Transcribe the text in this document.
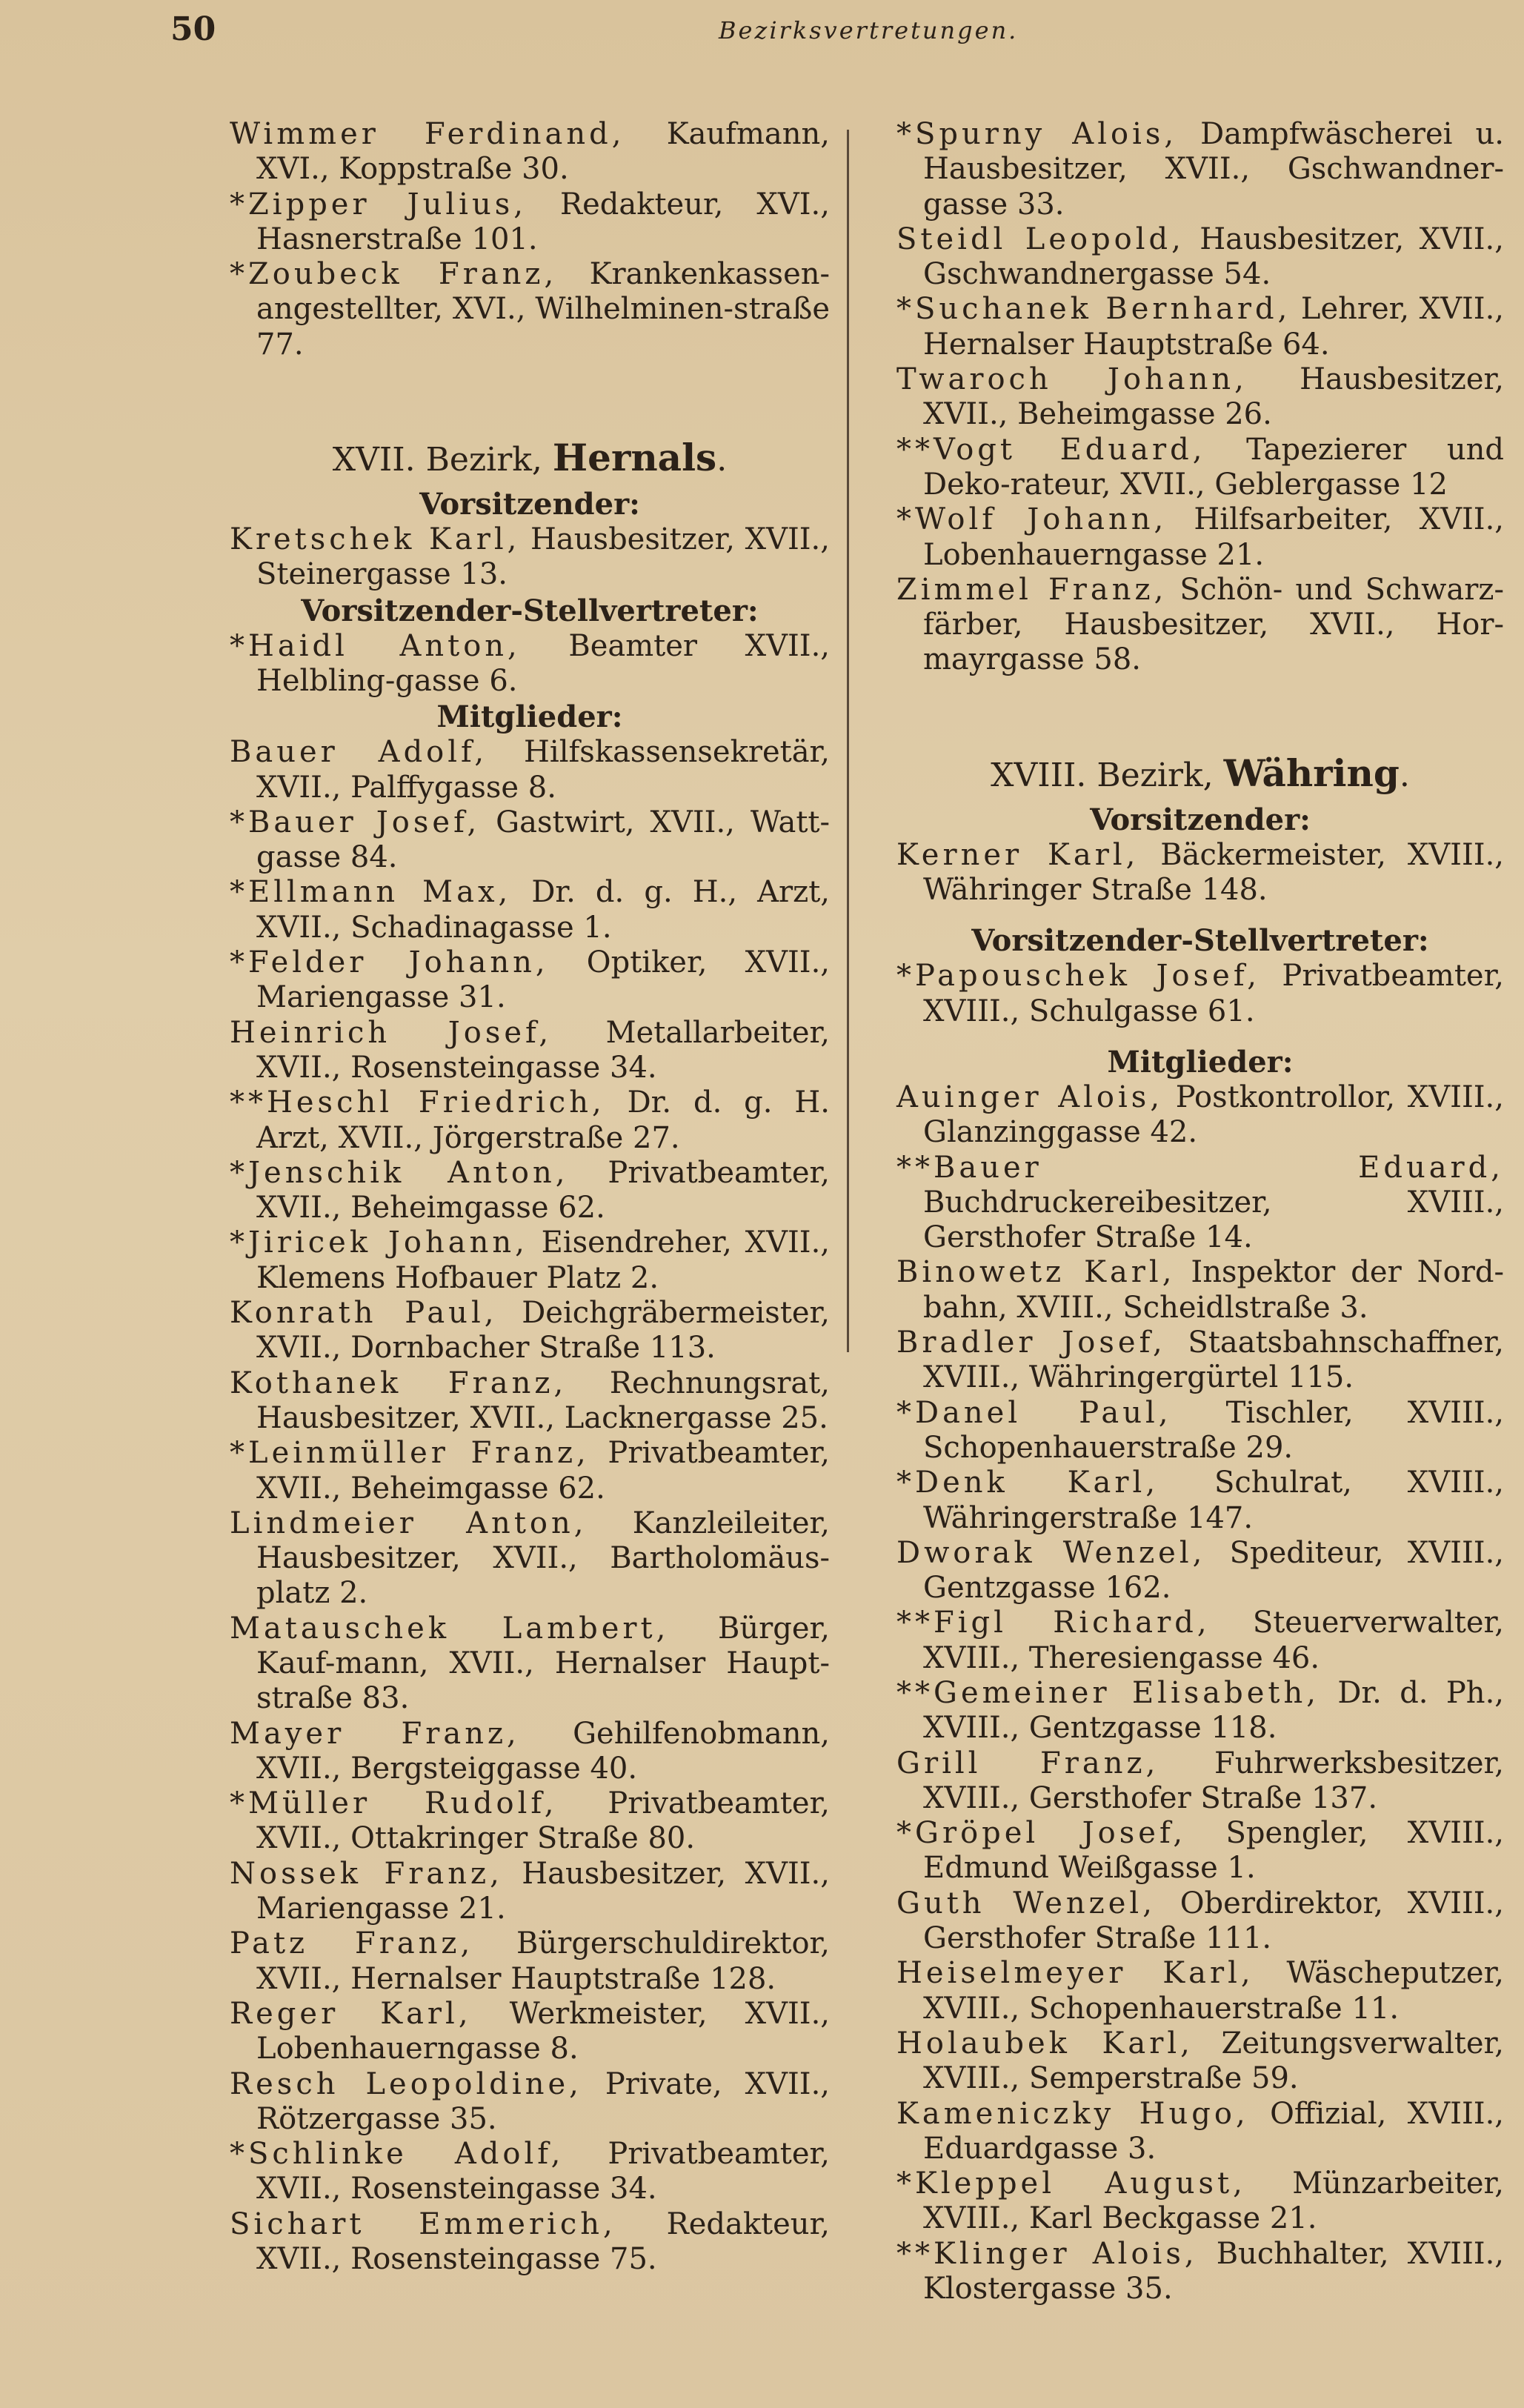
50	Bezirksvertretungen.

Wimmer Ferdinand, Kaufmann, XVI., Koppstraße 30.

*Zipper Julius, Redakteur, XVI., Hasnerstraße 101.

*Zoubeck Franz, Krankenkassen-angestellter, XVI., Wilhelminen-straße 77.

XVII. Bezirk, Hernals.

Vorsitzender:

Kretschek Karl, Hausbesitzer, XVII., Steinergasse 13.

Vorsitzender-Stellvertreter:

*Haidl Anton, Beamter XVII., Helbling-gasse 6.

Mitglieder:

Bauer Adolf, Hilfskassensekretär, XVII., Palffygasse 8.

*Bauer Josef, Gastwirt, XVII., Watt-gasse 84.

*Ellmann Max, Dr. d. g. H., Arzt, XVII., Schadinagasse 1.

*Felder Johann, Optiker, XVII., Mariengasse 31.

Heinrich Josef, Metallarbeiter, XVII., Rosensteingasse 34.

**Heschl Friedrich, Dr. d. g. H. Arzt, XVII., Jörgerstraße 27.

*Jenschik Anton, Privatbeamter, XVII., Beheimgasse 62.

*Jiricek Johann, Eisendreher, XVII., Klemens Hofbauer Platz 2.

Konrath Paul, Deichgräbermeister, XVII., Dornbacher Straße 113.

Kothanek Franz, Rechnungsrat, Hausbesitzer, XVII., Lacknergasse 25.

*Leinmüller Franz, Privatbeamter, XVII., Beheimgasse 62.

Lindmeier Anton, Kanzleileiter, Hausbesitzer, XVII., Bartholomäus-platz 2.

Matauschek Lambert, Bürger, Kauf-mann, XVII., Hernalser Haupt-straße 83.

Mayer Franz, Gehilfenobmann, XVII., Bergsteiggasse 40.

*Müller Rudolf, Privatbeamter, XVII., Ottakringer Straße 80.

Nossek Franz, Hausbesitzer, XVII., Mariengasse 21.

Patz Franz, Bürgerschuldirektor, XVII., Hernalser Hauptstraße 128.

Reger Karl, Werkmeister, XVII., Lobenhauerngasse 8.

Resch Leopoldine, Private, XVII., Rötzergasse 35.

*Schlinke Adolf, Privatbeamter, XVII., Rosensteingasse 34.

Sichart Emmerich, Redakteur, XVII., Rosensteingasse 75.

*Spurny Alois, Dampfwäscherei u. Hausbesitzer, XVII., Gschwandner-gasse 33.

Steidl Leopold, Hausbesitzer, XVII., Gschwandnergasse 54.

*Suchanek Bernhard, Lehrer, XVII., Hernalser Hauptstraße 64.

Twaroch Johann, Hausbesitzer, XVII., Beheimgasse 26.

**Vogt Eduard, Tapezierer und Deko-rateur, XVII., Geblergasse 12

*Wolf Johann, Hilfsarbeiter, XVII., Lobenhauerngasse 21.

Zimmel Franz, Schön- und Schwarz-färber, Hausbesitzer, XVII., Hor-mayrgasse 58.

XVIII. Bezirk, Währing.

Vorsitzender:

Kerner Karl, Bäckermeister, XVIII., Währinger Straße 148.

Vorsitzender-Stellvertreter:

*Papouschek Josef, Privatbeamter, XVIII., Schulgasse 61.

Mitglieder:

Auinger Alois, Postkontrollor, XVIII., Glanzinggasse 42.

**Bauer Eduard, Buchdruckereibesitzer, XVIII., Gersthofer Straße 14.

Binowetz Karl, Inspektor der Nord-bahn, XVIII., Scheidlstraße 3.

Bradler Josef, Staatsbahnschaffner, XVIII., Währingergürtel 115.

*Danel Paul, Tischler, XVIII., Schopenhauerstraße 29.

*Denk Karl, Schulrat, XVIII., Währingerstraße 147.

Dworak Wenzel, Spediteur, XVIII., Gentzgasse 162.

**Figl Richard, Steuerverwalter, XVIII., Theresiengasse 46.

**Gemeiner Elisabeth, Dr. d. Ph., XVIII., Gentzgasse 118.

Grill Franz, Fuhrwerksbesitzer, XVIII., Gersthofer Straße 137.

*Gröpel Josef, Spengler, XVIII., Edmund Weißgasse 1.

Guth Wenzel, Oberdirektor, XVIII., Gersthofer Straße 111.

Heiselmeyer Karl, Wäscheputzer, XVIII., Schopenhauerstraße 11.

Holaubek Karl, Zeitungsverwalter, XVIII., Semperstraße 59.

Kameniczky Hugo, Offizial, XVIII., Eduardgasse 3.

*Kleppel August, Münzarbeiter, XVIII., Karl Beckgasse 21.

**Klinger Alois, Buchhalter, XVIII., Klostergasse 35.
